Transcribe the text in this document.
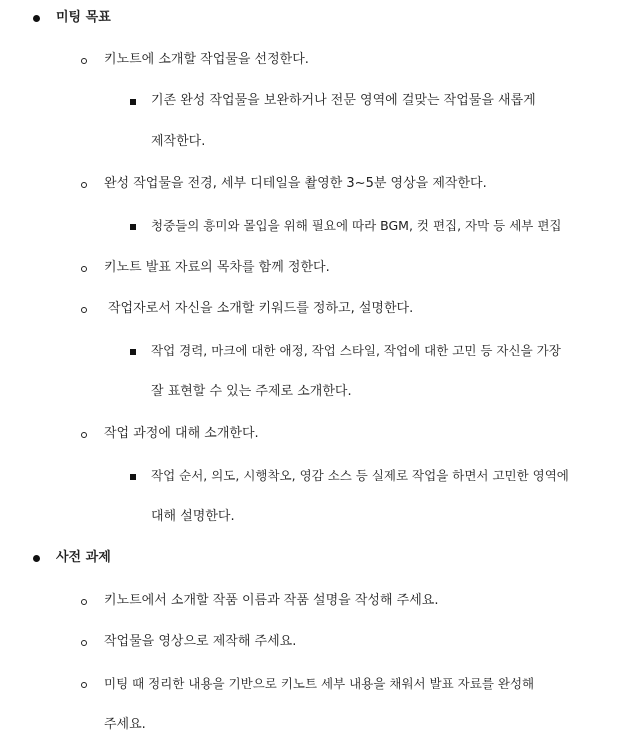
미팅 목표
키노트에 소개할 작업물을 선정한다.
기존 완성 작업물을 보완하거나 전문 영역에 걸맞는 작업물을 새롭게
제작한다.
완성 작업물을 전경, 세부 디테일을 촬영한 3~5분 영상을 제작한다.
청중들의 흥미와 몰입을 위해 필요에 따라 BGM, 컷 편집, 자막 등 세부 편집
키노트 발표 자료의 목차를 함께 정한다.
작업자로서 자신을 소개할 키워드를 정하고, 설명한다.
작업 경력, 마크에 대한 애정, 작업 스타일, 작업에 대한 고민 등 자신을 가장
잘 표현할 수 있는 주제로 소개한다.
작업 과정에 대해 소개한다.
작업 순서, 의도, 시행착오, 영감 소스 등 실제로 작업을 하면서 고민한 영역에
대해 설명한다.
사전 과제
키노트에서 소개할 작품 이름과 작품 설명을 작성해 주세요.
작업물을 영상으로 제작해 주세요.
미팅 때 정리한 내용을 기반으로 키노트 세부 내용을 채워서 발표 자료를 완성해
주세요.
